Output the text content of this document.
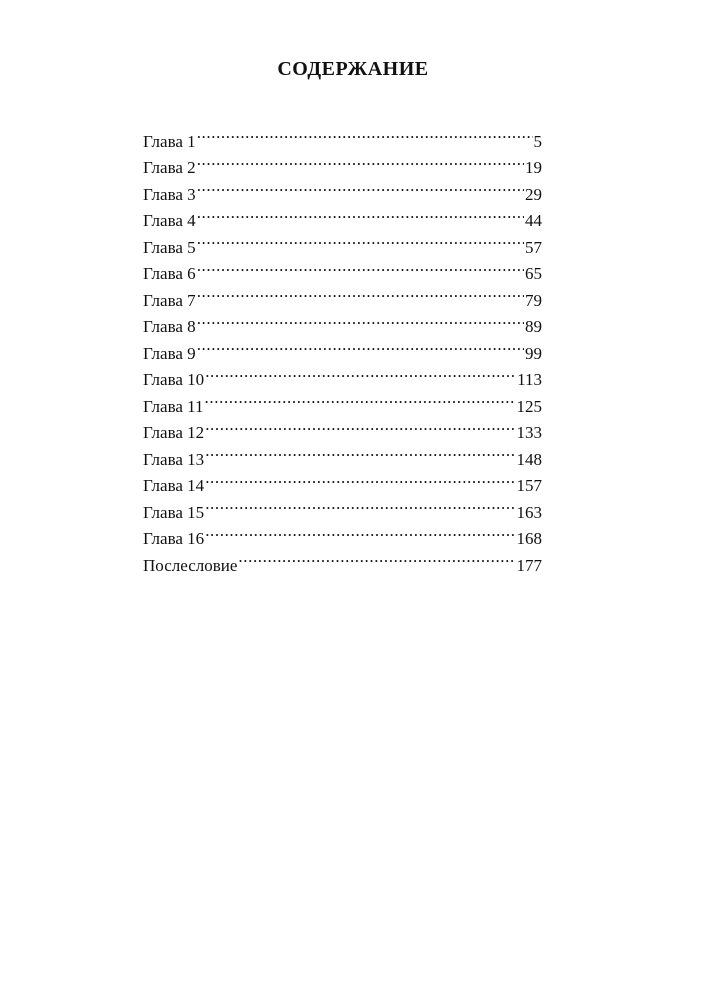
СОДЕРЖАНИЕ
Глава 1 .....	5
Глава 2 .....	19
Глава 3 .....	29
Глава 4 .....	44
Глава 5 .....	57
Глава 6 .....	65
Глава 7 .....	79
Глава 8 .....	89
Глава 9 .....	99
Глава 10 .....	113
Глава 11 .....	125
Глава 12 .....	133
Глава 13 .....	148
Глава 14 .....	157
Глава 15 .....	163
Глава 16 .....	168
Послесловие .....	177
